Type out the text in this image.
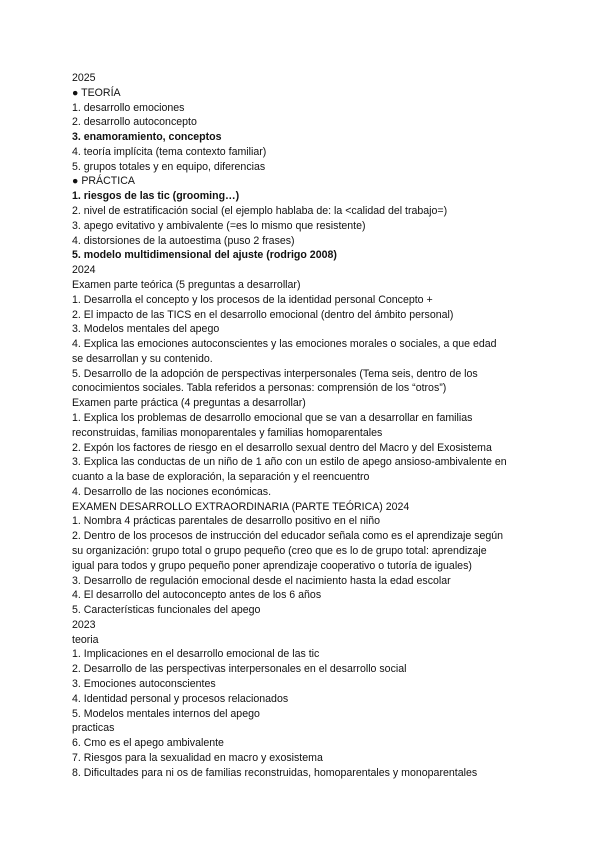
2025
● TEORÍA
1. desarrollo emociones
2. desarrollo autoconcepto
3. enamoramiento, conceptos
4. teoría implícita (tema contexto familiar)
5. grupos totales y en equipo, diferencias
● PRÁCTICA
1. riesgos de las tic (grooming…)
2. nivel de estratificación social (el ejemplo hablaba de: la <calidad del trabajo=)
3. apego evitativo y ambivalente (=es lo mismo que resistente)
4. distorsiones de la autoestima (puso 2 frases)
5. modelo multidimensional del ajuste (rodrigo 2008)
2024
Examen parte teórica (5 preguntas a desarrollar)
1. Desarrolla el concepto y los procesos de la identidad personal Concepto +
2. El impacto de las TICS en el desarrollo emocional (dentro del ámbito personal)
3. Modelos mentales del apego
4. Explica las emociones autoconscientes y las emociones morales o sociales, a que edad
se desarrollan y su contenido.
5. Desarrollo de la adopción de perspectivas interpersonales (Tema seis, dentro de los
conocimientos sociales. Tabla referidos a personas: comprensión de los “otros”)
Examen parte práctica (4 preguntas a desarrollar)
1. Explica los problemas de desarrollo emocional que se van a desarrollar en familias
reconstruidas, familias monoparentales y familias homoparentales
2. Expón los factores de riesgo en el desarrollo sexual dentro del Macro y del Exosistema
3. Explica las conductas de un niño de 1 año con un estilo de apego ansioso-ambivalente en
cuanto a la base de exploración, la separación y el reencuentro
4. Desarrollo de las nociones económicas.
EXAMEN DESARROLLO EXTRAORDINARIA (PARTE TEÓRICA) 2024
1. Nombra 4 prácticas parentales de desarrollo positivo en el niño
2. Dentro de los procesos de instrucción del educador señala como es el aprendizaje según
su organización: grupo total o grupo pequeño (creo que es lo de grupo total: aprendizaje
igual para todos y grupo pequeño poner aprendizaje cooperativo o tutoría de iguales)
3. Desarrollo de regulación emocional desde el nacimiento hasta la edad escolar
4. El desarrollo del autoconcepto antes de los 6 años
5. Características funcionales del apego
2023
teoria
1. Implicaciones en el desarrollo emocional de las tic
2. Desarrollo de las perspectivas interpersonales en el desarrollo social
3. Emociones autoconscientes
4. Identidad personal y procesos relacionados
5. Modelos mentales internos del apego
practicas
6. Cmo es el apego ambivalente
7. Riesgos para la sexualidad en macro y exosistema
8. Diﬁcultades para ni os de familias reconstruidas, homoparentales y monoparentales
